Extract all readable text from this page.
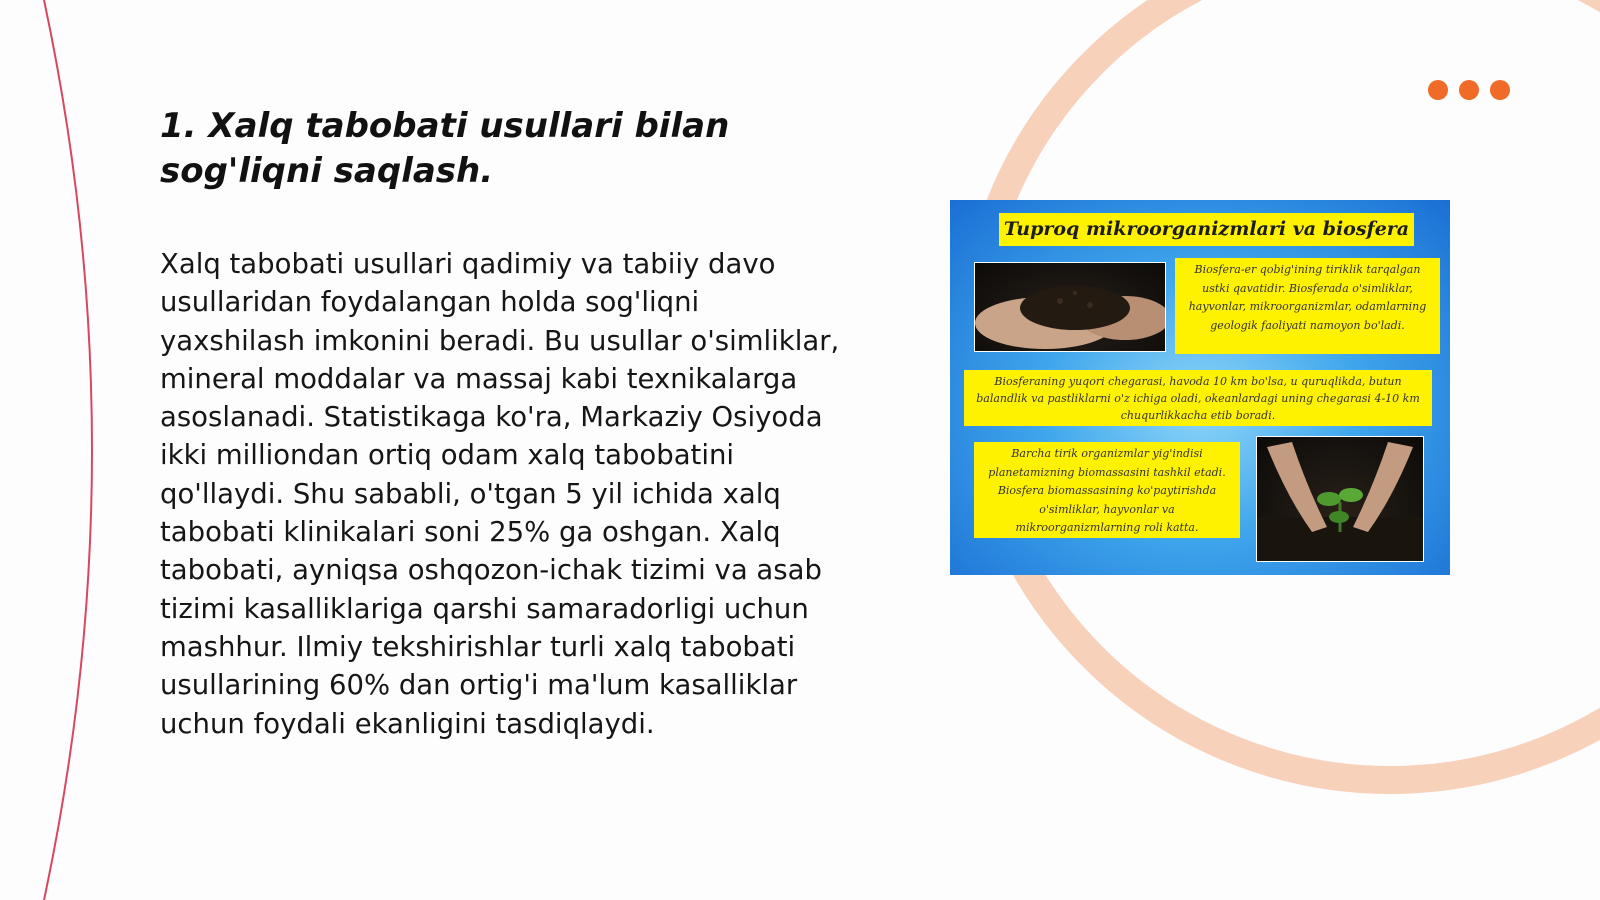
1. Xalq tabobati usullari bilan sog'liqni saqlash.

Xalq tabobati usullari qadimiy va tabiiy davo usullaridan foydalangan holda sog'liqni yaxshilash imkonini beradi. Bu usullar o'simliklar, mineral moddalar va massaj kabi texnikalarga asoslanadi. Statistikaga ko'ra, Markaziy Osiyoda ikki milliondan ortiq odam xalq tabobatini qo'llaydi. Shu sababli, o'tgan 5 yil ichida xalq tabobati klinikalari soni 25% ga oshgan. Xalq tabobati, ayniqsa oshqozon-ichak tizimi va asab tizimi kasalliklariga qarshi samaradorligi uchun mashhur. Ilmiy tekshirishlar turli xalq tabobati usullarining 60% dan ortig'i ma'lum kasalliklar uchun foydali ekanligini tasdiqlaydi.

Tuproq mikroorganizmlari va biosfera
Biosfera-er qobig'ining tiriklik tarqalgan ustki qavatidir. Biosferada o'simliklar, hayvonlar, mikroorganizmlar, odamlarning geologik faoliyati namoyon bo'ladi.
Biosferaning yuqori chegarasi, havoda 10 km bo'lsa, u quruqlikda, butun balandlik va pastliklarni o'z ichiga oladi, okeanlardagi uning chegarasi 4-10 km chuqurlikkacha etib boradi.
Barcha tirik organizmlar yig'indisi planetamizning biomassasini tashkil etadi. Biosfera biomassasining ko'paytirishda o'simliklar, hayvonlar va mikroorganizmlarning roli katta.
